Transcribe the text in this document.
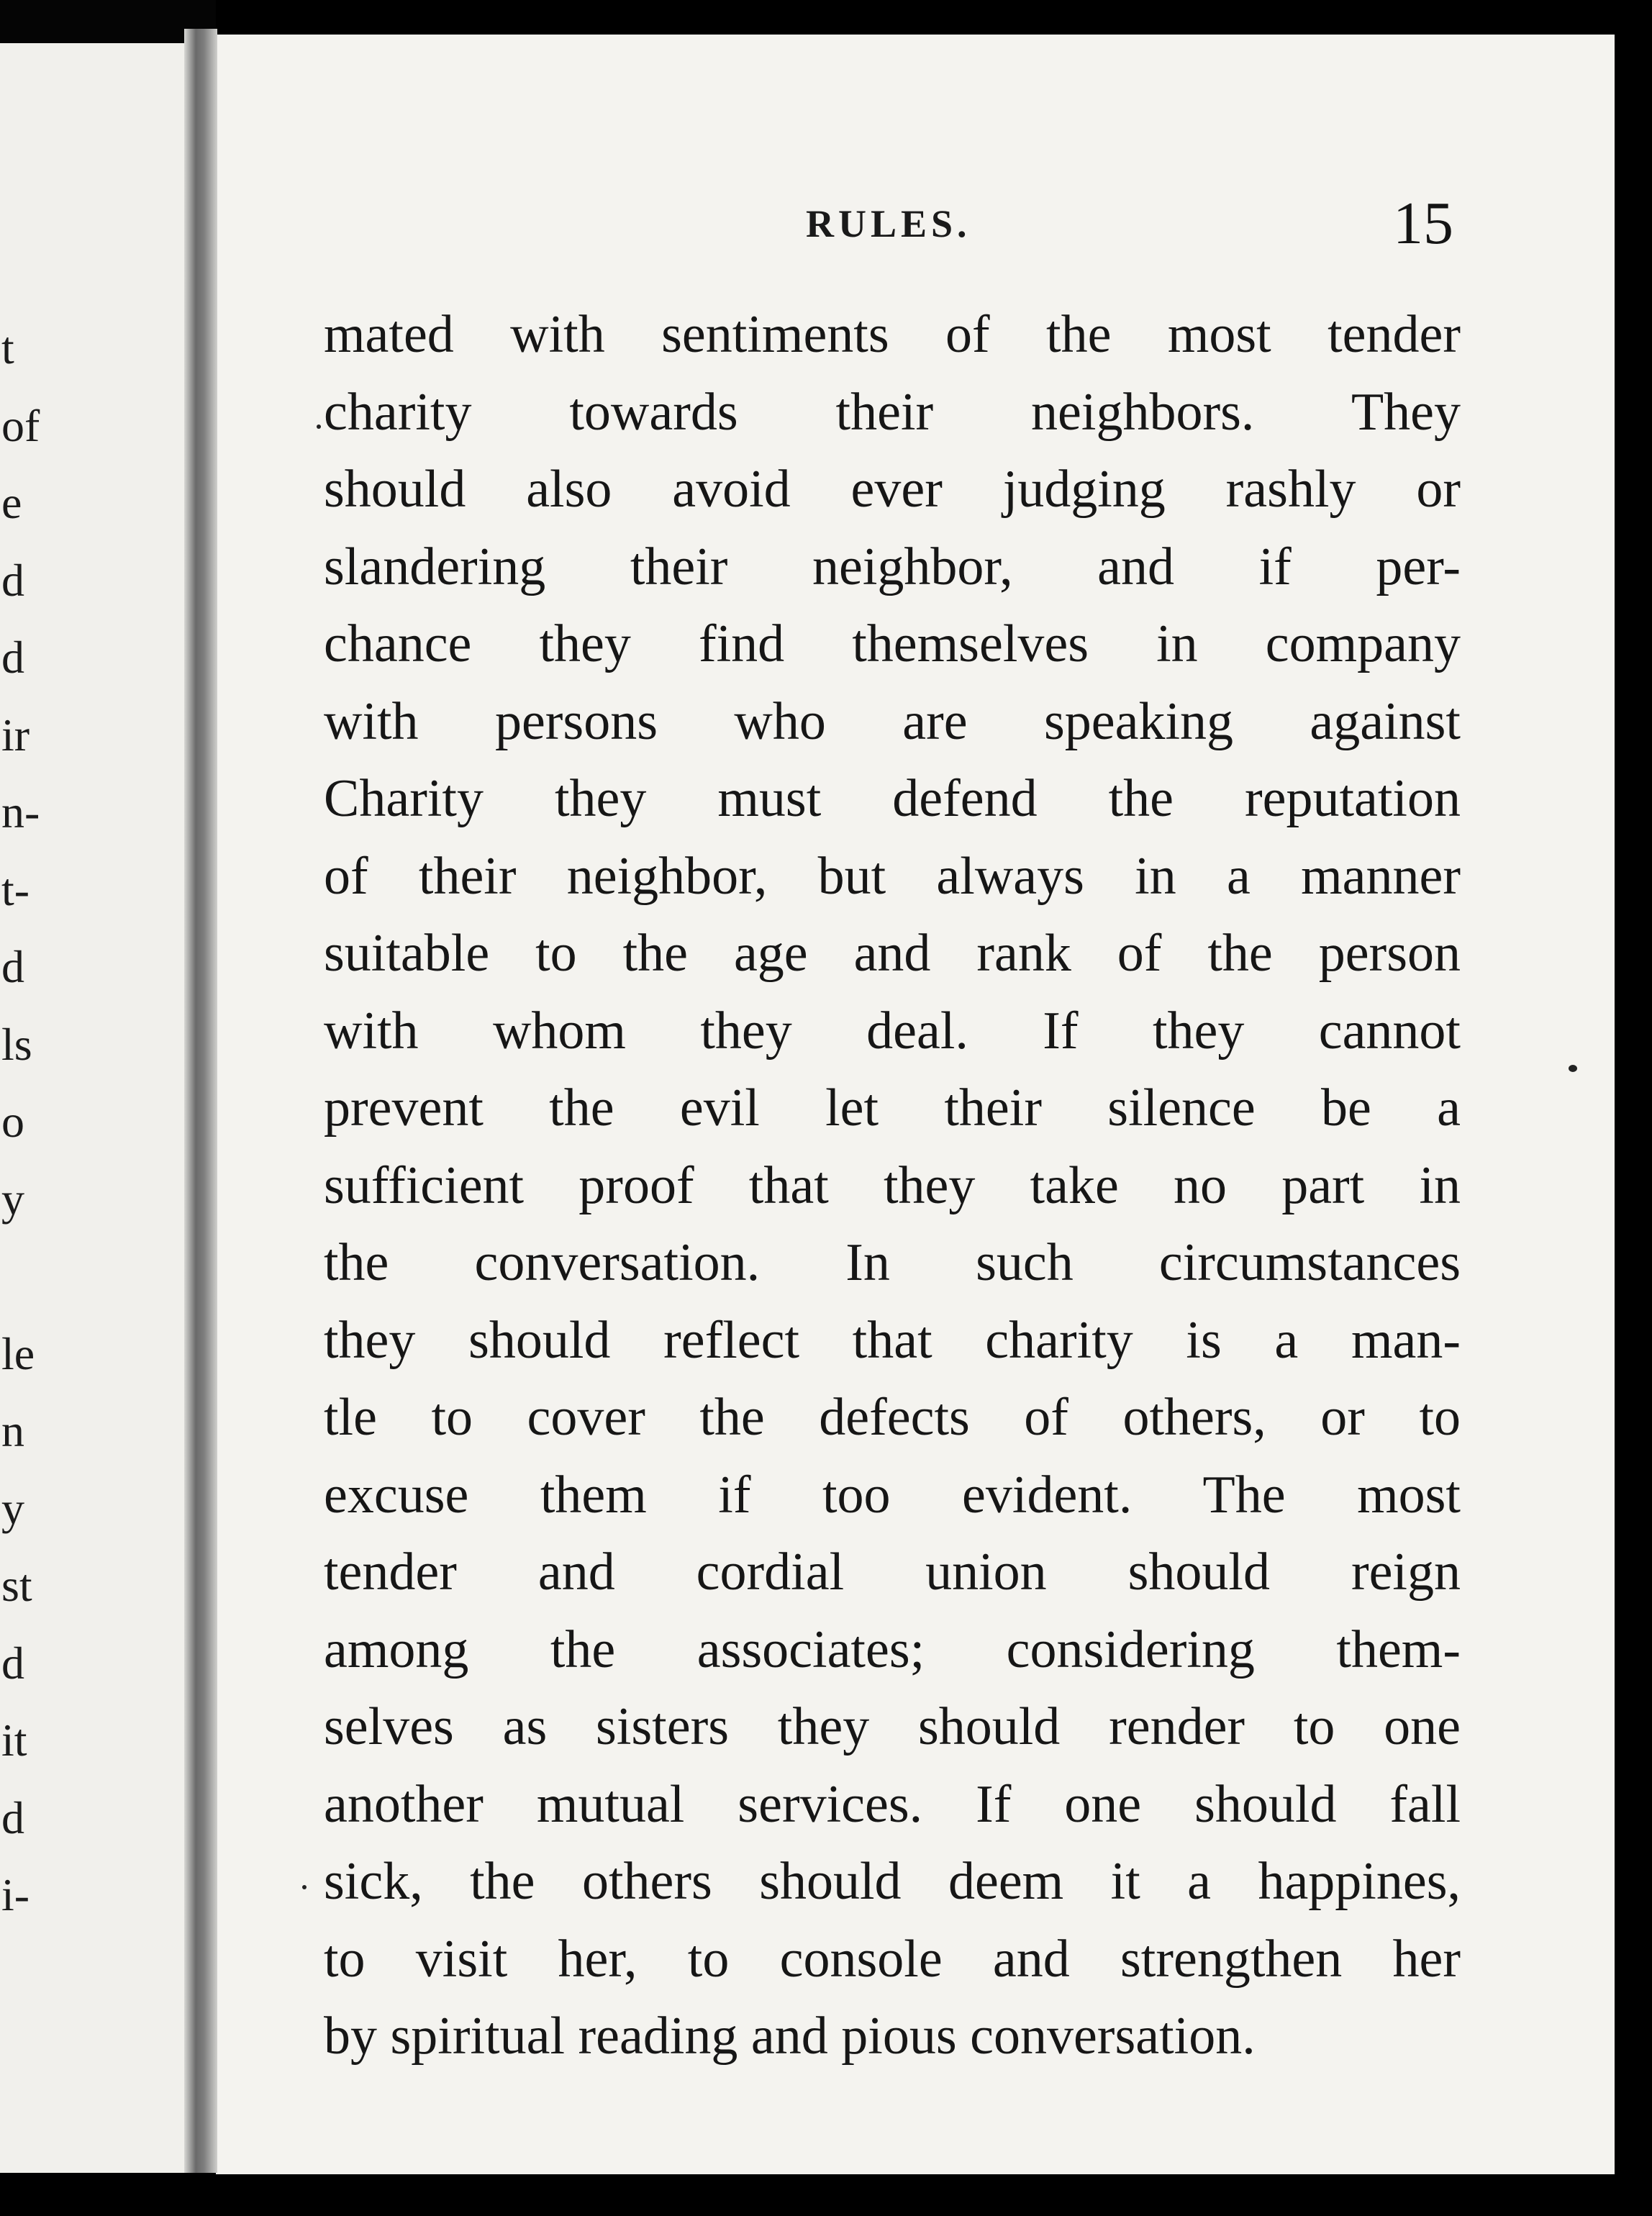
t
of
e
d
d
ir
n-
t-
d
ls
o
y
le
n
y
st
d
it
d
i-
RULES.	15
mated with sentiments of the most tender
charity towards their neighbors. They
should also avoid ever judging rashly or
slandering their neighbor, and if per-
chance they find themselves in company
with persons who are speaking against
Charity they must defend the reputation
of their neighbor, but always in a manner
suitable to the age and rank of the person
with whom they deal. If they cannot
prevent the evil let their silence be a
sufficient proof that they take no part in
the conversation. In such circumstances
they should reflect that charity is a man-
tle to cover the defects of others, or to
excuse them if too evident. The most
tender and cordial union should reign
among the associates; considering them-
selves as sisters they should render to one
another mutual services. If one should fall
sick, the others should deem it a happines,
to visit her, to console and strengthen her
by spiritual reading and pious conversation.
